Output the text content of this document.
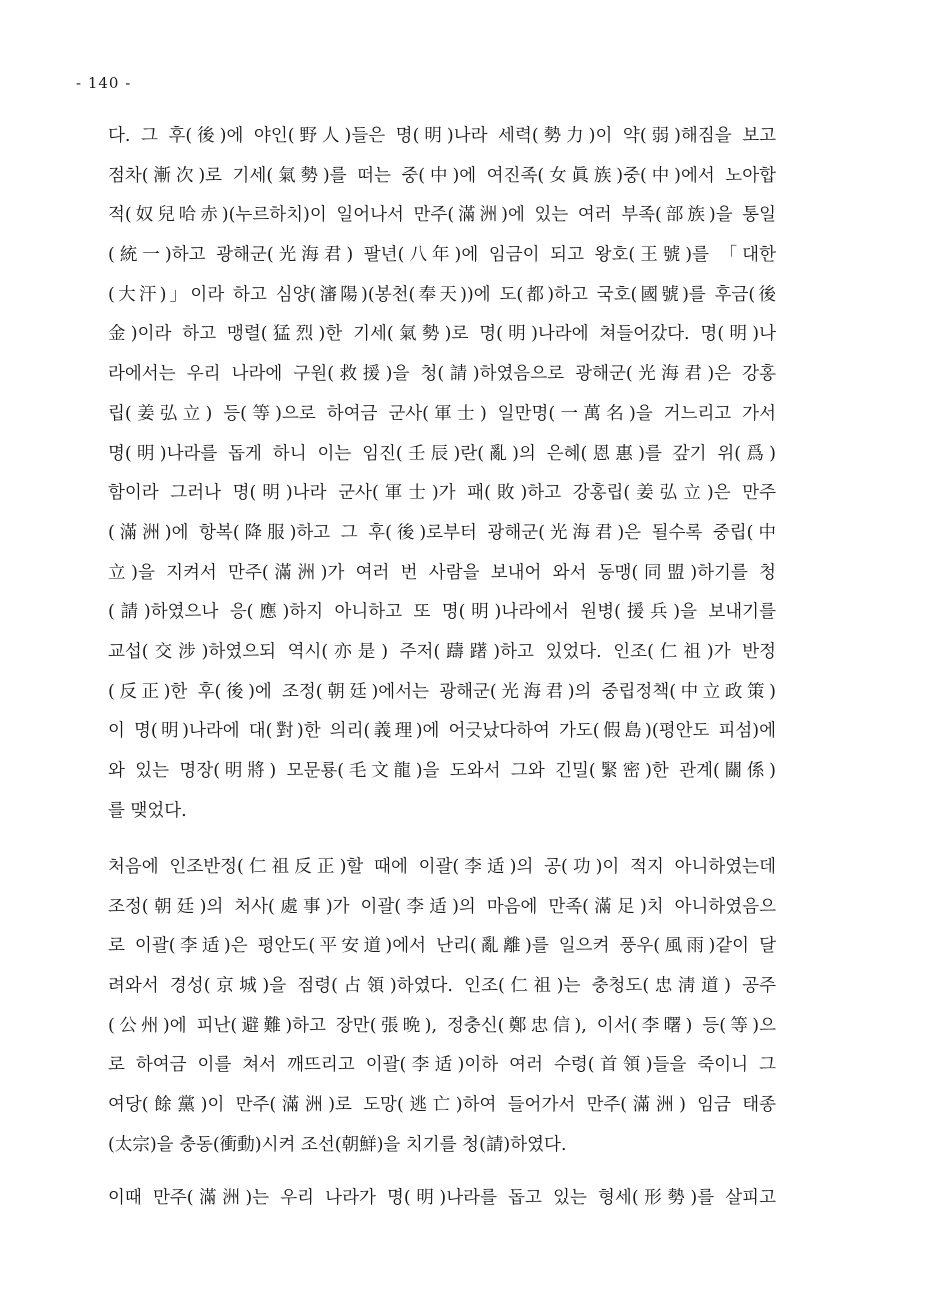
- 140 -
다. 그 후(後)에 야인(野人)들은 명(明)나라 세력(勢力)이 약(弱)해짐을 보고
점차(漸次)로 기세(氣勢)를 떠는 중(中)에 여진족(女眞族)중(中)에서 노아합
적(奴兒哈赤)(누르하치)이 일어나서 만주(滿洲)에 있는 여러 부족(部族)을 통일
(統一)하고 광해군(光海君) 팔년(八年)에 임금이 되고 왕호(王號)를 「대한
(大汗)」이라 하고 심양(瀋陽)(봉천(奉天))에 도(都)하고 국호(國號)를 후금(後
金)이라 하고 맹렬(猛烈)한 기세(氣勢)로 명(明)나라에 쳐들어갔다. 명(明)나
라에서는 우리 나라에 구원(救援)을 청(請)하였음으로 광해군(光海君)은 강홍
립(姜弘立) 등(等)으로 하여금 군사(軍士) 일만명(一萬名)을 거느리고 가서
명(明)나라를 돕게 하니 이는 임진(壬辰)란(亂)의 은혜(恩惠)를 갚기 위(爲)
함이라 그러나 명(明)나라 군사(軍士)가 패(敗)하고 강홍립(姜弘立)은 만주
(滿洲)에 항복(降服)하고 그 후(後)로부터 광해군(光海君)은 될수록 중립(中
立)을 지켜서 만주(滿洲)가 여러 번 사람을 보내어 와서 동맹(同盟)하기를 청
(請)하였으나 응(應)하지 아니하고 또 명(明)나라에서 원병(援兵)을 보내기를
교섭(交涉)하였으되 역시(亦是) 주저(躊躇)하고 있었다. 인조(仁祖)가 반정
(反正)한 후(後)에 조정(朝廷)에서는 광해군(光海君)의 중립정책(中立政策)
이 명(明)나라에 대(對)한 의리(義理)에 어긋났다하여 가도(假島)(평안도 피섬)에
와 있는 명장(明將) 모문룡(毛文龍)을 도와서 그와 긴밀(緊密)한 관계(關係)
를 맺었다.
처음에 인조반정(仁祖反正)할 때에 이괄(李适)의 공(功)이 적지 아니하였는데
조정(朝廷)의 처사(處事)가 이괄(李适)의 마음에 만족(滿足)치 아니하였음으
로 이괄(李适)은 평안도(平安道)에서 난리(亂離)를 일으켜 풍우(風雨)같이 달
려와서 경성(京城)을 점령(占領)하였다. 인조(仁祖)는 충청도(忠淸道) 공주
(公州)에 피난(避難)하고 장만(張晩), 정충신(鄭忠信), 이서(李曙) 등(等)으
로 하여금 이를 쳐서 깨뜨리고 이괄(李适)이하 여러 수령(首領)들을 죽이니 그
여당(餘黨)이 만주(滿洲)로 도망(逃亡)하여 들어가서 만주(滿洲) 임금 태종
(太宗)을 충동(衝動)시켜 조선(朝鮮)을 치기를 청(請)하였다.
이때 만주(滿洲)는 우리 나라가 명(明)나라를 돕고 있는 형세(形勢)를 살피고
